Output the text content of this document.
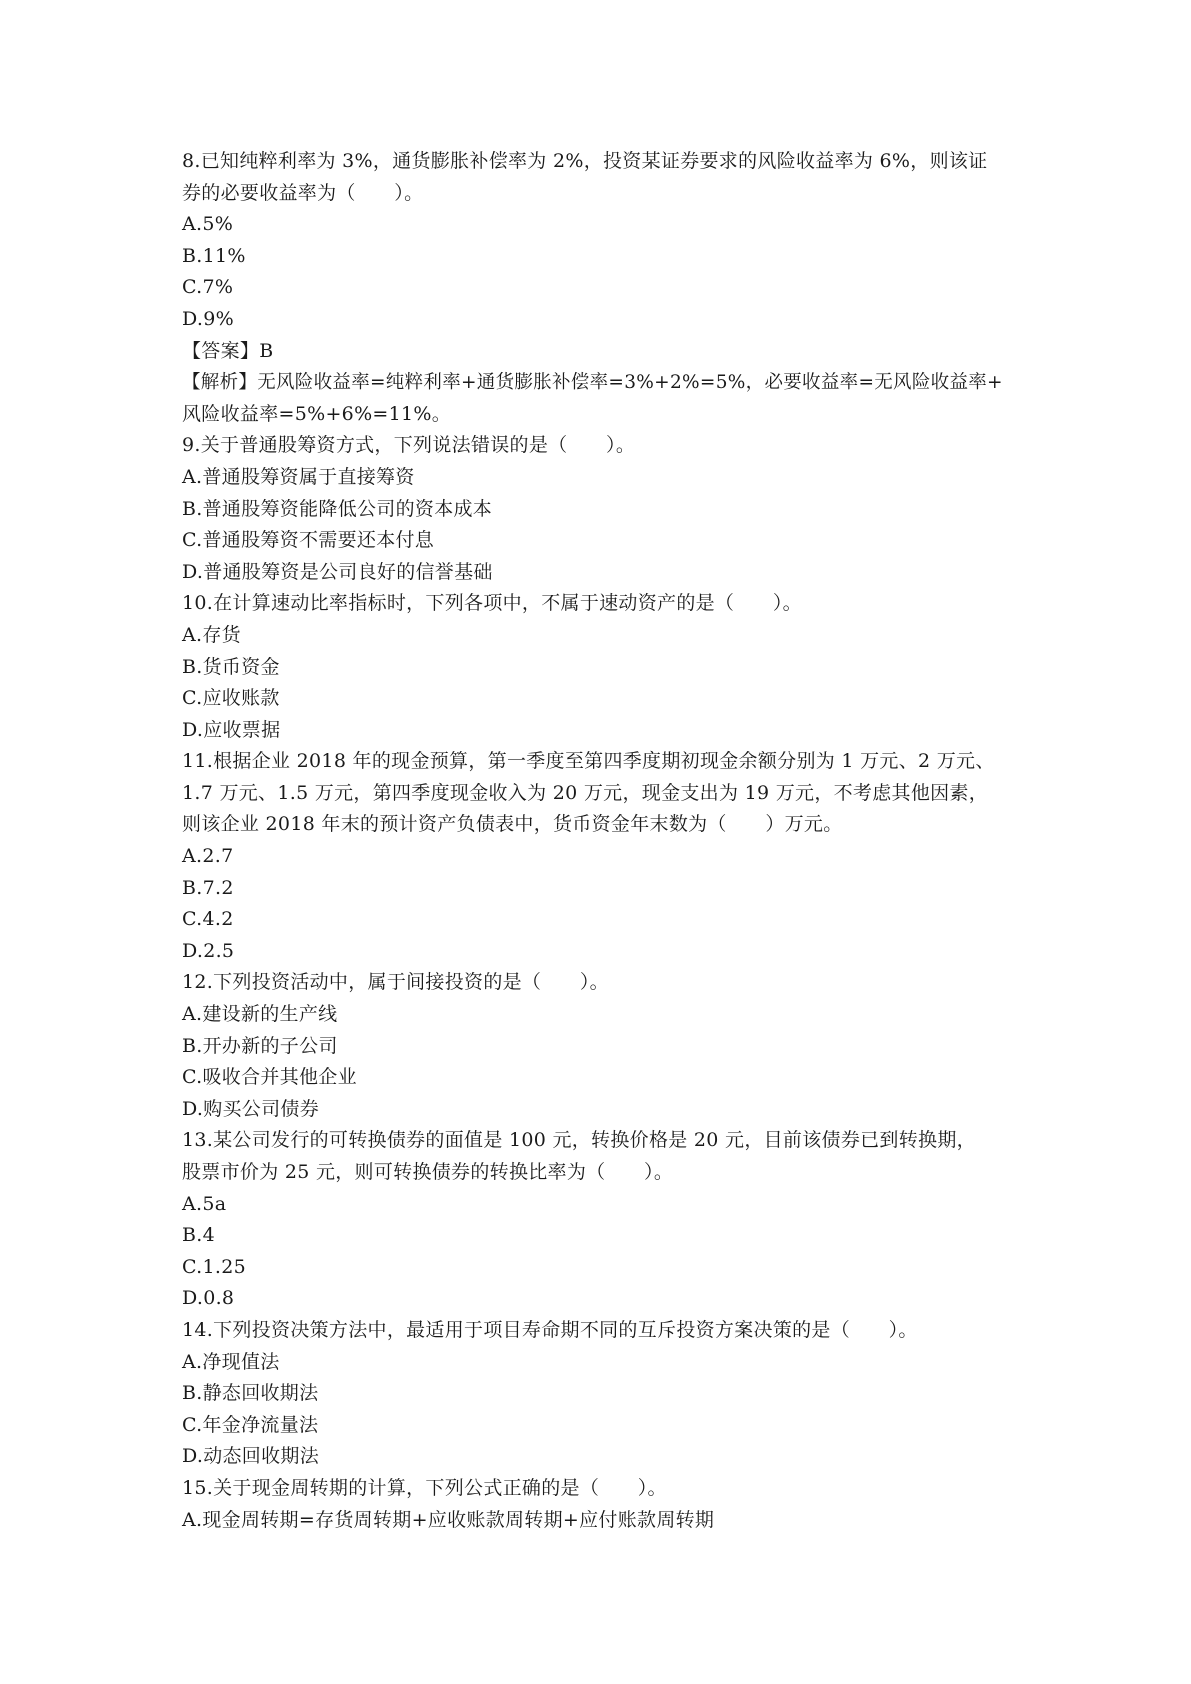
8.已知纯粹利率为 3%，通货膨胀补偿率为 2%，投资某证券要求的风险收益率为 6%，则该证
券的必要收益率为（　　）。
A.5%
B.11%
C.7%
D.9%
【答案】B
【解析】无风险收益率=纯粹利率+通货膨胀补偿率=3%+2%=5%，必要收益率=无风险收益率+
风险收益率=5%+6%=11%。
9.关于普通股筹资方式，下列说法错误的是（　　）。
A.普通股筹资属于直接筹资
B.普通股筹资能降低公司的资本成本
C.普通股筹资不需要还本付息
D.普通股筹资是公司良好的信誉基础
10.在计算速动比率指标时，下列各项中，不属于速动资产的是（　　）。
A.存货
B.货币资金
C.应收账款
D.应收票据
11.根据企业 2018 年的现金预算，第一季度至第四季度期初现金余额分别为 1 万元、2 万元、
1.7 万元、1.5 万元，第四季度现金收入为 20 万元，现金支出为 19 万元，不考虑其他因素，
则该企业 2018 年末的预计资产负债表中，货币资金年末数为（　　）万元。
A.2.7
B.7.2
C.4.2
D.2.5
12.下列投资活动中，属于间接投资的是（　　）。
A.建设新的生产线
B.开办新的子公司
C.吸收合并其他企业
D.购买公司债券
13.某公司发行的可转换债券的面值是 100 元，转换价格是 20 元，目前该债券已到转换期，
股票市价为 25 元，则可转换债券的转换比率为（　　）。
A.5a
B.4
C.1.25
D.0.8
14.下列投资决策方法中，最适用于项目寿命期不同的互斥投资方案决策的是（　　）。
A.净现值法
B.静态回收期法
C.年金净流量法
D.动态回收期法
15.关于现金周转期的计算，下列公式正确的是（　　）。
A.现金周转期=存货周转期+应收账款周转期+应付账款周转期
